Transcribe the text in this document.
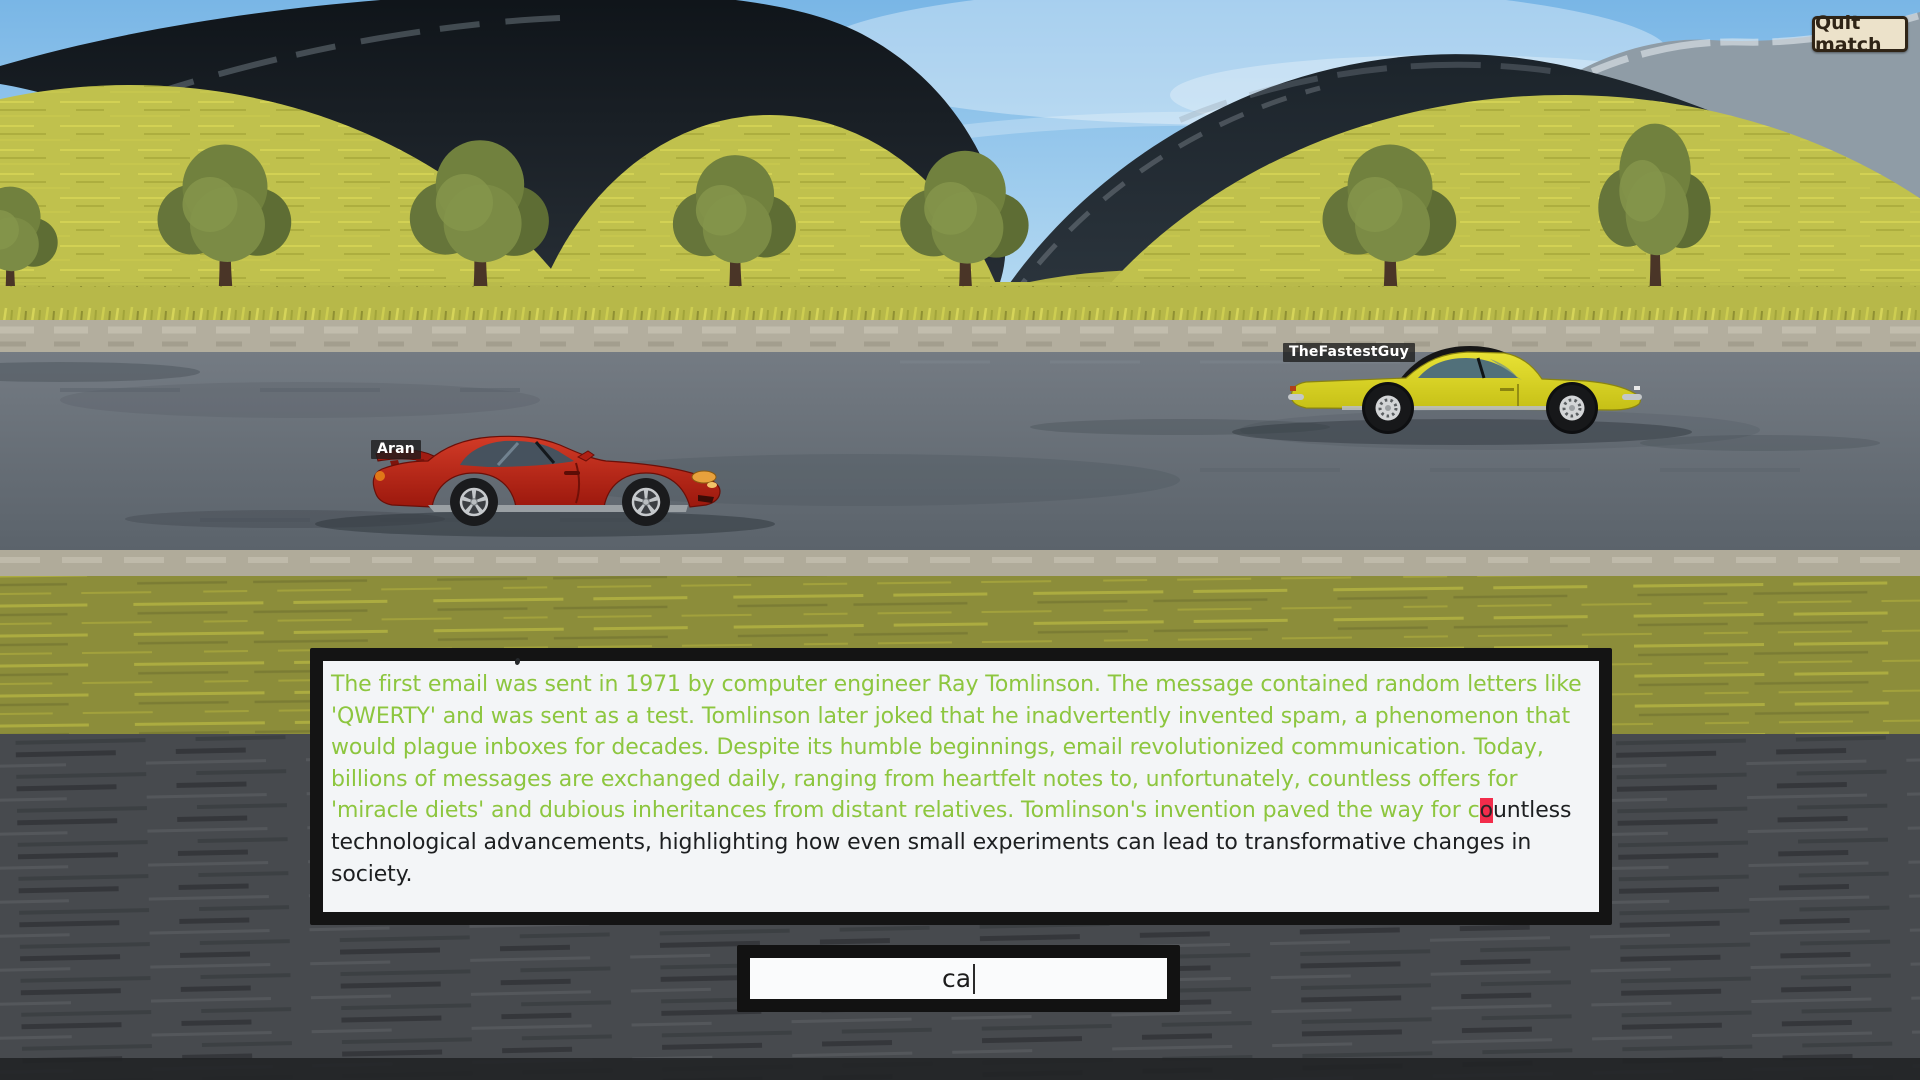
Aran
TheFastestGuy
Quit match
The first email was sent in 1971 by computer engineer Ray Tomlinson. The message contained random letters like 'QWERTY' and was sent as a test. Tomlinson later joked that he inadvertently invented spam, a phenomenon that would plague inboxes for decades. Despite its humble beginnings, email revolutionized communication. Today, billions of messages are exchanged daily, ranging from heartfelt notes to, unfortunately, countless offers for 'miracle diets' and dubious inheritances from distant relatives. Tomlinson's invention paved the way for countless technological advancements, highlighting how even small experiments can lead to transformative changes in society.
ca
